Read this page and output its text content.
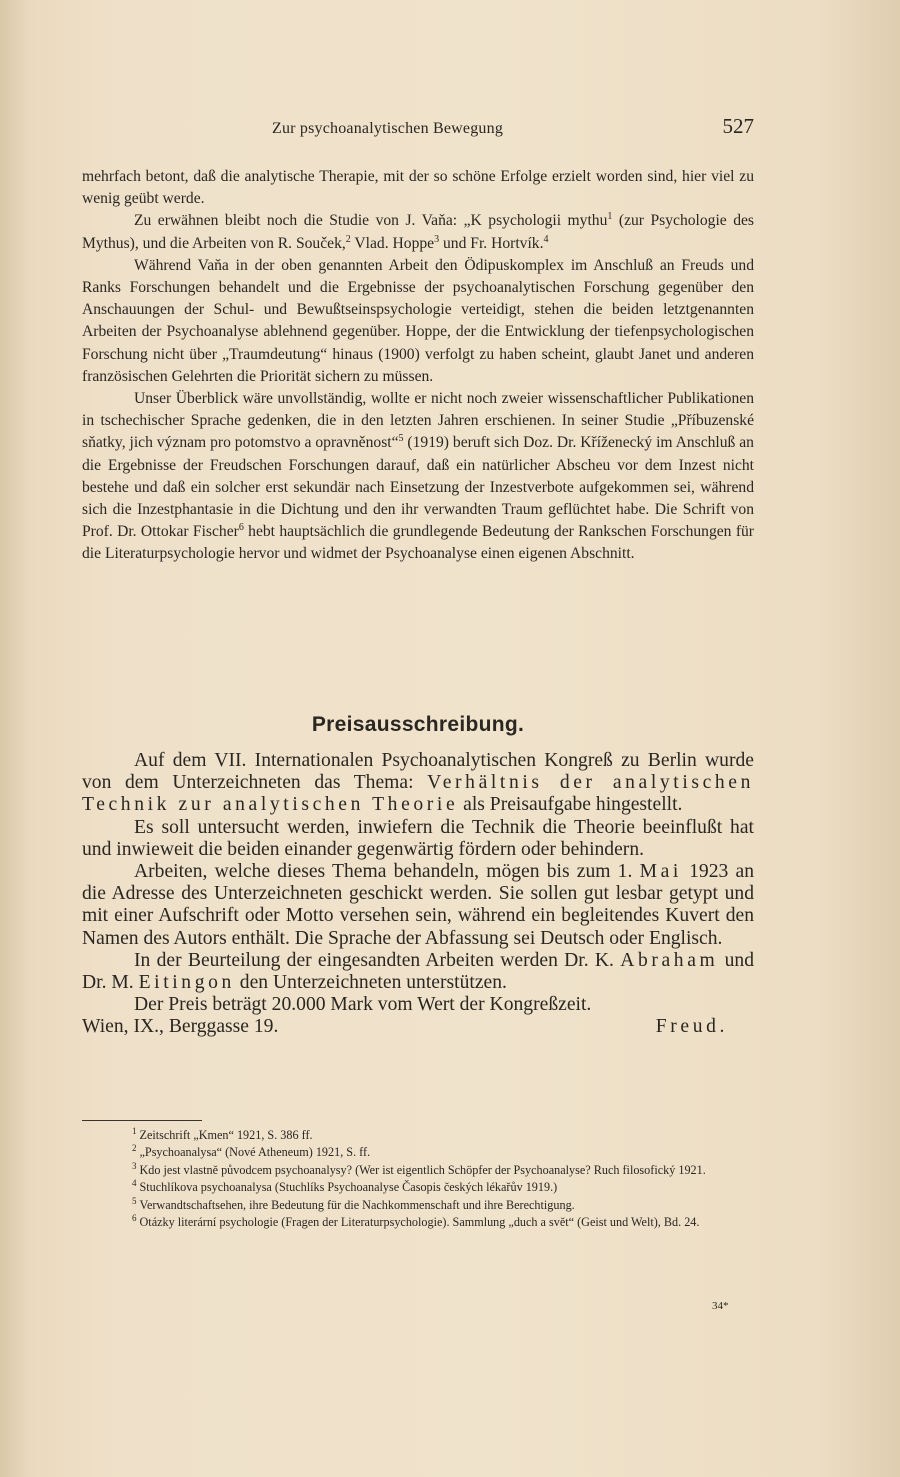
Zur psychoanalytischen Bewegung	527

mehrfach betont, daß die analytische Therapie, mit der so schöne Erfolge erzielt worden sind, hier viel zu wenig geübt werde.

Zu erwähnen bleibt noch die Studie von J. Vaňa: „K psychologii mythu$^1$ (zur Psychologie des Mythus), und die Arbeiten von R. Souček,$^2$ Vlad. Hoppe$^3$ und Fr. Hortvík.$^4$

Während Vaňa in der oben genannten Arbeit den Ödipuskomplex im Anschluß an Freuds und Ranks Forschungen behandelt und die Ergebnisse der psychoanalytischen Forschung gegenüber den Anschauungen der Schul- und Bewußtseinspsychologie verteidigt, stehen die beiden letztgenannten Arbeiten der Psychoanalyse ablehnend gegenüber. Hoppe, der die Entwicklung der tiefenpsychologischen Forschung nicht über „Traumdeutung“ hinaus (1900) verfolgt zu haben scheint, glaubt Janet und anderen französischen Gelehrten die Priorität sichern zu müssen.

Unser Überblick wäre unvollständig, wollte er nicht noch zweier wissenschaftlicher Publikationen in tschechischer Sprache gedenken, die in den letzten Jahren erschienen. In seiner Studie „Příbuzenské sňatky, jich význam pro potomstvo a opravněnost“$^5$ (1919) beruft sich Doz. Dr. Kříženecký im Anschluß an die Ergebnisse der Freudschen Forschungen darauf, daß ein natürlicher Abscheu vor dem Inzest nicht bestehe und daß ein solcher erst sekundär nach Einsetzung der Inzestverbote aufgekommen sei, während sich die Inzestphantasie in die Dichtung und den ihr verwandten Traum geflüchtet habe. Die Schrift von Prof. Dr. Ottokar Fischer$^6$ hebt hauptsächlich die grundlegende Bedeutung der Rankschen Forschungen für die Literaturpsychologie hervor und widmet der Psychoanalyse einen eigenen Abschnitt.

Preisausschreibung.

Auf dem VII. Internationalen Psychoanalytischen Kongreß zu Berlin wurde von dem Unterzeichneten das Thema: Verhältnis der analytischen Technik zur analytischen Theorie als Preisaufgabe hingestellt.

Es soll untersucht werden, inwiefern die Technik die Theorie beeinflußt hat und inwieweit die beiden einander gegenwärtig fördern oder behindern.

Arbeiten, welche dieses Thema behandeln, mögen bis zum 1. Mai 1923 an die Adresse des Unterzeichneten geschickt werden. Sie sollen gut lesbar getypt und mit einer Aufschrift oder Motto versehen sein, während ein begleitendes Kuvert den Namen des Autors enthält. Die Sprache der Abfassung sei Deutsch oder Englisch.

In der Beurteilung der eingesandten Arbeiten werden Dr. K. Abraham und Dr. M. Eitingon den Unterzeichneten unterstützen.

Der Preis beträgt 20.000 Mark vom Wert der Kongreßzeit.

Wien, IX., Berggasse 19.	Freud.

$^1$ Zeitschrift „Kmen“ 1921, S. 386 ff.

$^2$ „Psychoanalysa“ (Nové Atheneum) 1921, S. ff.

$^3$ Kdo jest vlastně původcem psychoanalysy? (Wer ist eigentlich Schöpfer der Psychoanalyse? Ruch filosofický 1921.

$^4$ Stuchlíkova psychoanalysa (Stuchlíks Psychoanalyse Časopis českých lékařův 1919.)

$^5$ Verwandtschaftsehen, ihre Bedeutung für die Nachkommenschaft und ihre Berechtigung.

$^6$ Otázky literární psychologie (Fragen der Literaturpsychologie). Sammlung „duch a svět“ (Geist und Welt), Bd. 24.

34*
